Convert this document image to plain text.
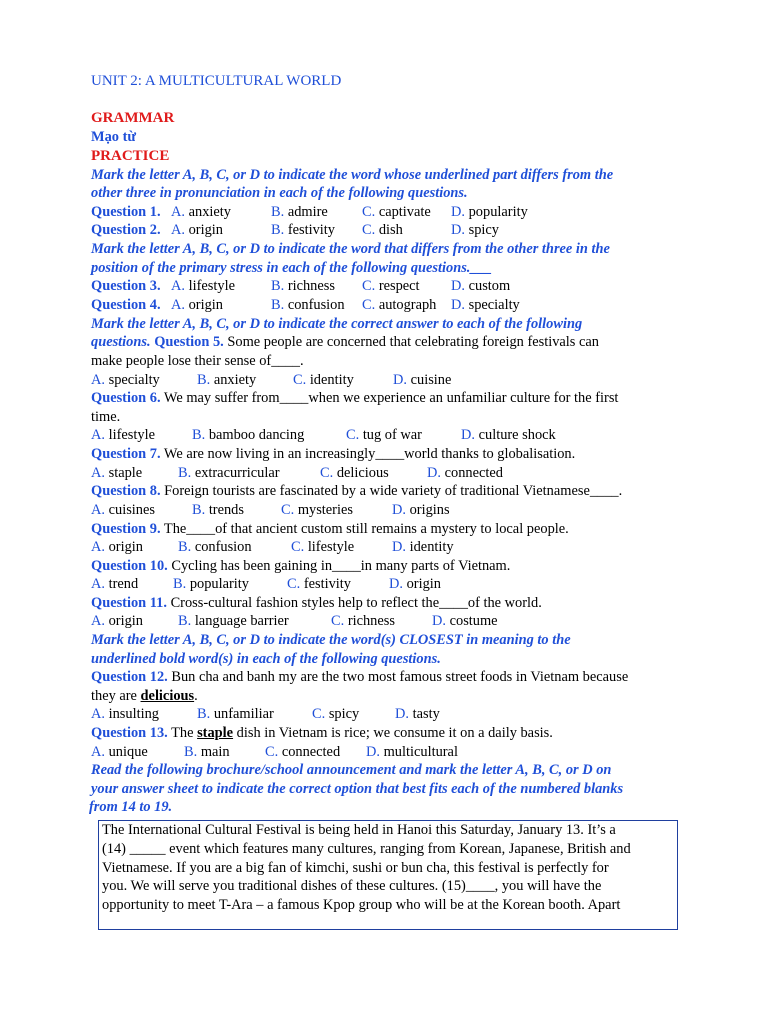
UNIT 2: A MULTICULTURAL WORLD
GRAMMAR
Mạo từ
PRACTICE
Mark the letter A, B, C, or D to indicate the word whose underlined part differs from the
other three in pronunciation in each of the following questions.
Question 1. A. anxiety	B. admire C. captivate D. popularity
Question 2. A. origin	B. festivity C. dish	D. spicy
Mark the letter A, B, C, or D to indicate the word that differs from the other three in the
position of the primary stress in each of the following questions.___
Question 3. A. lifestyle	B. richness C. respect D. custom
Question 4. A. origin	B. confusion C. autograph D. specialty
Mark the letter A, B, C, or D to indicate the correct answer to each of the following
questions. Question 5. Some people are concerned that celebrating foreign festivals can
make people lose their sense of____.
A. specialty	B. anxiety	C. identity	D. cuisine
Question 6. We may suffer from____when we experience an unfamiliar culture for the first
time.
A. lifestyle	B. bamboo dancing	C. tug of war	D. culture shock
Question 7. We are now living in an increasingly____world thanks to globalisation.
A. staple B. extracurricular	C. delicious	D. connected
Question 8. Foreign tourists are fascinated by a wide variety of traditional Vietnamese____.
A. cuisines	B. trends	C. mysteries	D. origins
Question 9. The____of that ancient custom still remains a mystery to local people.
A. origin B. confusion	C. lifestyle	D. identity
Question 10. Cycling has been gaining in____in many parts of Vietnam.
A. trend B. popularity	C. festivity	D. origin
Question 11. Cross-cultural fashion styles help to reflect the____of the world.
A. origin B. language barrier	C. richness	D. costume
Mark the letter A, B, C, or D to indicate the word(s) CLOSEST in meaning to the
underlined bold word(s) in each of the following questions.
Question 12. Bun cha and banh my are the two most famous street foods in Vietnam because
they are delicious.
A. insulting	B. unfamiliar	C. spicy D. tasty
Question 13. The staple dish in Vietnam is rice; we consume it on a daily basis.
A. unique	B. main C. connected D. multicultural
Read the following brochure/school announcement and mark the letter A, B, C, or D on
your answer sheet to indicate the correct option that best fits each of the numbered blanks
from 14 to 19.
The International Cultural Festival is being held in Hanoi this Saturday, January 13. It’s a
(14) _____ event which features many cultures, ranging from Korean, Japanese, British and
Vietnamese. If you are a big fan of kimchi, sushi or bun cha, this festival is perfectly for
you. We will serve you traditional dishes of these cultures. (15)____, you will have the
opportunity to meet T-Ara – a famous Kpop group who will be at the Korean booth. Apart
